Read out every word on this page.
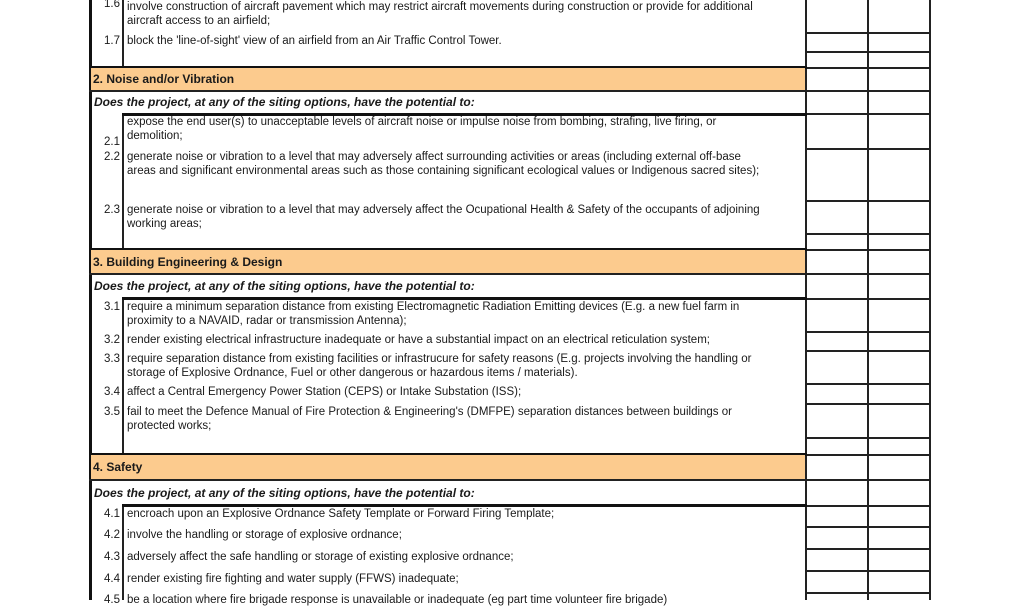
1.6 involve construction of aircraft pavement which may restrict aircraft movements during construction or provide for additional
aircraft access to an airfield;
1.7 block the 'line-of-sight' view of an airfield from an Air Traffic Control Tower.
2. Noise and/or Vibration
Does the project, at any of the siting options, have the potential to:
2.1
expose the end user(s) to unacceptable levels of aircraft noise or impulse noise from bombing, strafing, live firing, or
demolition;
2.2 generate noise or vibration to a level that may adversely affect surrounding activities or areas (including external off-base
areas and significant environmental areas such as those containing significant ecological values or Indigenous sacred sites);
2.3 generate noise or vibration to a level that may adversely affect the Ocupational Health & Safety of the occupants of adjoining
working areas;
3. Building Engineering & Design
Does the project, at any of the siting options, have the potential to:
3.1 require a minimum separation distance from existing Electromagnetic Radiation Emitting devices (E.g. a new fuel farm in
proximity to a NAVAID, radar or transmission Antenna);
3.2 render existing electrical infrastructure inadequate or have a substantial impact on an electrical reticulation system;
3.3 require separation distance from existing facilities or infrastrucure for safety reasons (E.g. projects involving the handling or
storage of Explosive Ordnance, Fuel or other dangerous or hazardous items / materials).
3.4 affect a Central Emergency Power Station (CEPS) or Intake Substation (ISS);
3.5 fail to meet the Defence Manual of Fire Protection & Engineering's (DMFPE) separation distances between buildings or
protected works;
4. Safety
Does the project, at any of the siting options, have the potential to:
4.1 encroach upon an Explosive Ordnance Safety Template or Forward Firing Template;
4.2 involve the handling or storage of explosive ordnance;
4.3 adversely affect the safe handling or storage of existing explosive ordnance;
4.4 render existing fire fighting and water supply (FFWS) inadequate;
4.5 be a location where fire brigade response is unavailable or inadequate (eg part time volunteer fire brigade)
